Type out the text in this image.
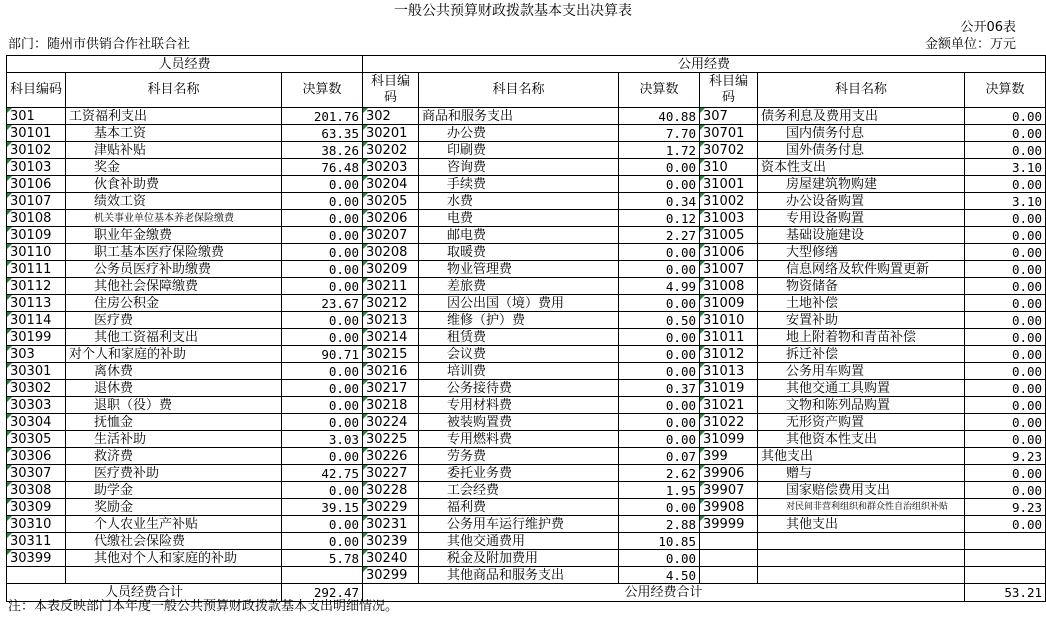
一般公共预算财政拨款基本支出决算表
公开06表
部门：随州市供销合作社联合社	金额单位：万元
人员经费			公用经费					
科目编码	科目名称	决算数	科目编码	科目名称	决算数	科目编码	科目名称	决算数
301	工资福利支出	201.76	302	商品和服务支出	40.88	307	债务利息及费用支出	0.00
30101	基本工资	63.35	30201	办公费	7.70	30701	国内债务付息	0.00
30102	津贴补贴	38.26	30202	印刷费	1.72	30702	国外债务付息	0.00
30103	奖金	76.48	30203	咨询费	0.00	310	资本性支出	3.10
30106	伙食补助费	0.00	30204	手续费	0.00	31001	房屋建筑物购建	0.00
30107	绩效工资	0.00	30205	水费	0.34	31002	办公设备购置	3.10
30108	机关事业单位基本养老保险缴费	0.00	30206	电费	0.12	31003	专用设备购置	0.00
30109	职业年金缴费	0.00	30207	邮电费	2.27	31005	基础设施建设	0.00
30110	职工基本医疗保险缴费	0.00	30208	取暖费	0.00	31006	大型修缮	0.00
30111	公务员医疗补助缴费	0.00	30209	物业管理费	0.00	31007	信息网络及软件购置更新	0.00
30112	其他社会保障缴费	0.00	30211	差旅费	4.99	31008	物资储备	0.00
30113	住房公积金	23.67	30212	因公出国（境）费用	0.00	31009	土地补偿	0.00
30114	医疗费	0.00	30213	维修（护）费	0.50	31010	安置补助	0.00
30199	其他工资福利支出	0.00	30214	租赁费	0.00	31011	地上附着物和青苗补偿	0.00
303	对个人和家庭的补助	90.71	30215	会议费	0.00	31012	拆迁补偿	0.00
30301	离休费	0.00	30216	培训费	0.00	31013	公务用车购置	0.00
30302	退休费	0.00	30217	公务接待费	0.37	31019	其他交通工具购置	0.00
30303	退职（役）费	0.00	30218	专用材料费	0.00	31021	文物和陈列品购置	0.00
30304	抚恤金	0.00	30224	被装购置费	0.00	31022	无形资产购置	0.00
30305	生活补助	3.03	30225	专用燃料费	0.00	31099	其他资本性支出	0.00
30306	救济费	0.00	30226	劳务费	0.07	399	其他支出	9.23
30307	医疗费补助	42.75	30227	委托业务费	2.62	39906	赠与	0.00
30308	助学金	0.00	30228	工会经费	1.95	39907	国家赔偿费用支出	0.00
30309	奖励金	39.15	30229	福利费	0.00	39908	对民间非营利组织和群众性自治组织补贴	9.23
30310	个人农业生产补贴	0.00	30231	公务用车运行维护费	2.88	39999	其他支出	0.00
30311	代缴社会保险费	0.00	30239	其他交通费用	10.85			
30399	其他对个人和家庭的补助	5.78	30240	税金及附加费用	0.00			
			30299	其他商品和服务支出	4.50			
人员经费合计		292.47	公用经费合计					53.21
注：本表反映部门本年度一般公共预算财政拨款基本支出明细情况。
